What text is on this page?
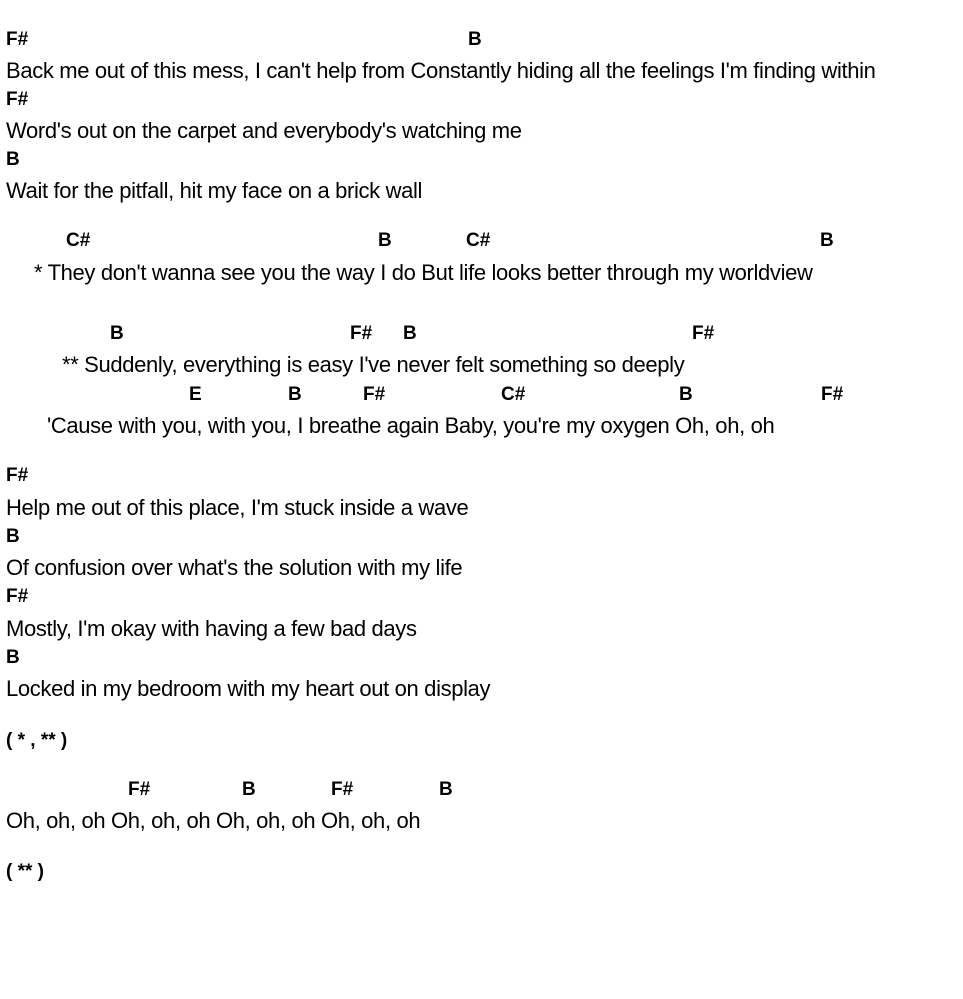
F#	B
Back me out of this mess, I can't help from Constantly hiding all the feelings I'm finding within
F#
Word's out on the carpet and everybody's watching me
B
Wait for the pitfall, hit my face on a brick wall
C#	B	C#	B
* They don't wanna see you the way I do But life looks better through my worldview
B	F# B	F#
** Suddenly, everything is easy I've never felt something so deeply
E	B	F#	C#	B	F#
'Cause with you, with you, I breathe again Baby, you're my oxygen Oh, oh, oh
F#
Help me out of this place, I'm stuck inside a wave
B
Of confusion over what's the solution with my life
F#
Mostly, I'm okay with having a few bad days
B
Locked in my bedroom with my heart out on display
( * , ** )
F#	B	F#	B
Oh, oh, oh Oh, oh, oh Oh, oh, oh Oh, oh, oh
( ** )
